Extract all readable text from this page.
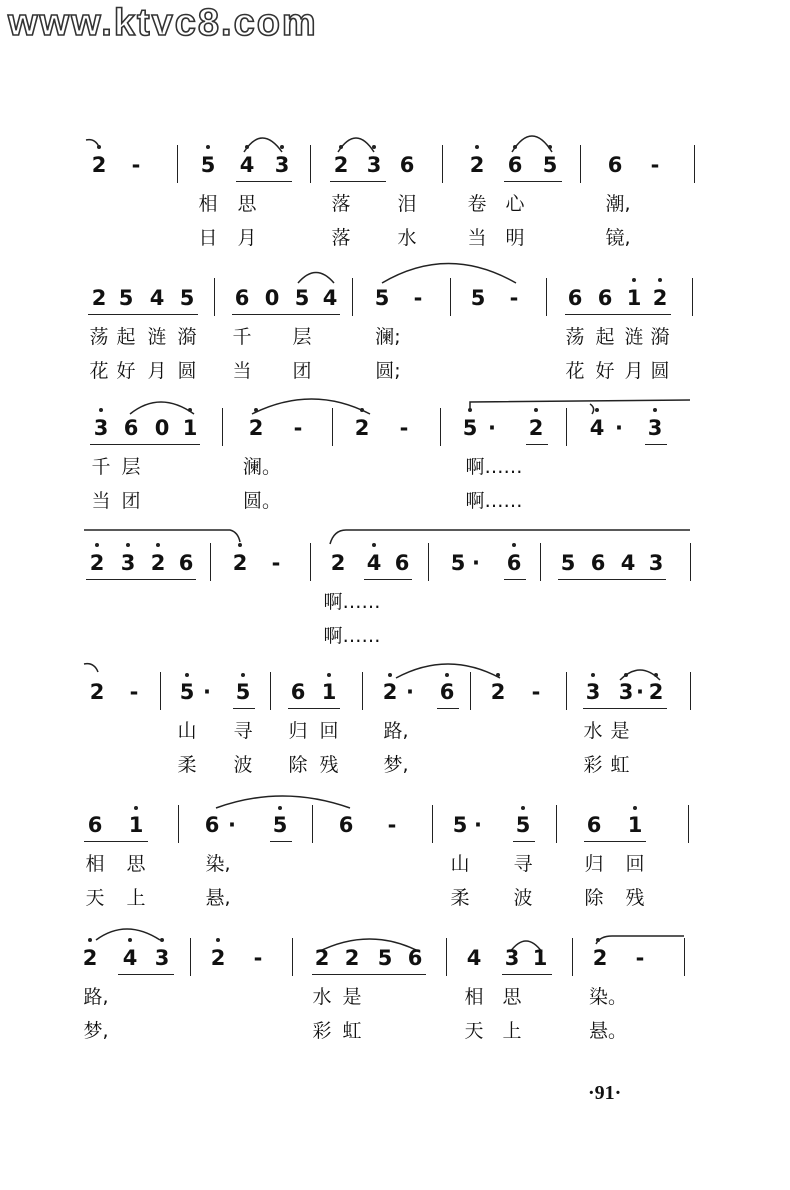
www.ktvc8.com
2 -	5 4 3 2 3 6	2 6 5 6 -
相 思	落 泪	卷 心	潮,
日 月	落 水	当 明	镜,
2 5 4 5 6 0 5 4 5 - 5 - 6 6 1 2
荡 起 涟 漪 千 层	澜;	荡 起 涟 漪
花 好 月 圆 当 团	圆;	花 好 月 圆
3 6 0 1 2 - 2 -	5 · 2 4 · 3
千 层	澜。	啊……
当 团	圆。	啊……
2 3 2 6 2 - 2 4 6 5 · 6 5 6 4 3
啊……
啊……
2 - 5 · 5 6 1 2 · 6 2 - 3 3 · 2
山 寻 归 回 路,	水 是
柔 波 除 残 梦,	彩 虹
6 1	6 · 5 6 -	5 · 5	6 1
相 思	染,	山 寻	归 回
天 上	悬,	柔 波	除 残
2 4 3 2 - 2 2 5 6 4 3 1 2 -
路,	水 是	相 思	染。
梦,	彩 虹	天 上	悬。
·91·
